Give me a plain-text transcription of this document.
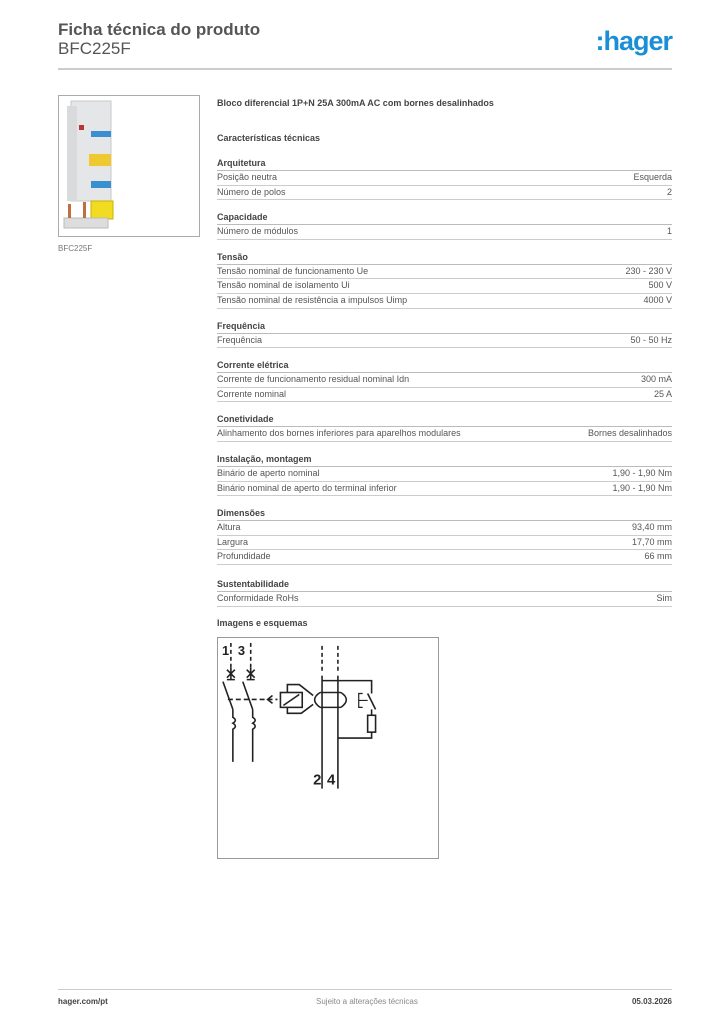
Ficha técnica do produto
BFC225F	:hager
BFC225F
Bloco diferencial 1P+N 25A 300mA AC com bornes desalinhados
Características técnicas
Arquitetura
Posição neutra	Esquerda
Número de polos	2
Capacidade
Número de módulos	1
Tensão
Tensão nominal de funcionamento Ue	230 - 230 V
Tensão nominal de isolamento Ui	500 V
Tensão nominal de resistência a impulsos Uimp	4000 V
Frequência
Frequência	50 - 50 Hz
Corrente elétrica
Corrente de funcionamento residual nominal Idn	300 mA
Corrente nominal	25 A
Conetividade
Alinhamento dos bornes inferiores para aparelhos modulares	Bornes desalinhados
Instalação, montagem
Binário de aperto nominal	1,90 - 1,90 Nm
Binário nominal de aperto do terminal inferior	1,90 - 1,90 Nm
Dimensões
Altura	93,40 mm
Largura	17,70 mm
Profundidade	66 mm
Sustentabilidade
Conformidade RoHs	Sim
Imagens e esquemas
1 3
2 4
hager.com/pt	Sujeito a alterações técnicas	05.03.2026
